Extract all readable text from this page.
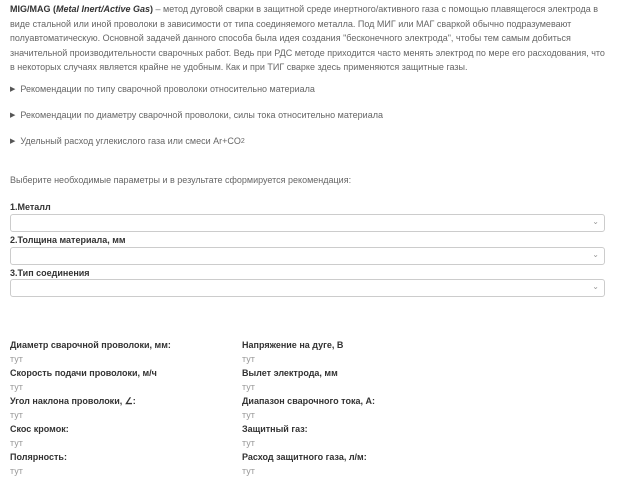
MIG/MAG (Metal Inert/Active Gas) – метод дуговой сварки в защитной среде инертного/активного газа с помощью плавящегося электрода в виде стальной или иной проволоки в зависимости от типа соединяемого металла. Под МИГ или МАГ сваркой обычно подразумевают полуавтоматическую. Основной задачей данного способа была идея создания "бесконечного электрода", чтобы тем самым добиться значительной производительности сварочных работ. Ведь при РДС методе приходится часто менять электрод по мере его расходования, что в некоторых случаях является крайне не удобным. Как и при ТИГ сварке здесь применяются защитные газы.
▶ Рекомендации по типу сварочной проволоки относительно материала
▶ Рекомендации по диаметру сварочной проволоки, силы тока относительно материала
▶ Удельный расход углекислого газа или смеси Ar+CO 2
Выберите необходимые параметры и в результате сформируется рекомендация:
1.Металл
⌄
2.Толщина материала, мм
⌄
3.Тип соединения
⌄
Диаметр сварочной проволоки, мм:
тут
Скорость подачи проволоки, м/ч
тут
Угол наклона проволоки, ∠:
тут
Скос кромок:
тут
Полярность:
тут
Напряжение на дуге, В
тут
Вылет электрода, мм
тут
Диапазон сварочного тока, А:
тут
Защитный газ:
тут
Расход защитного газа, л/м:
тут
